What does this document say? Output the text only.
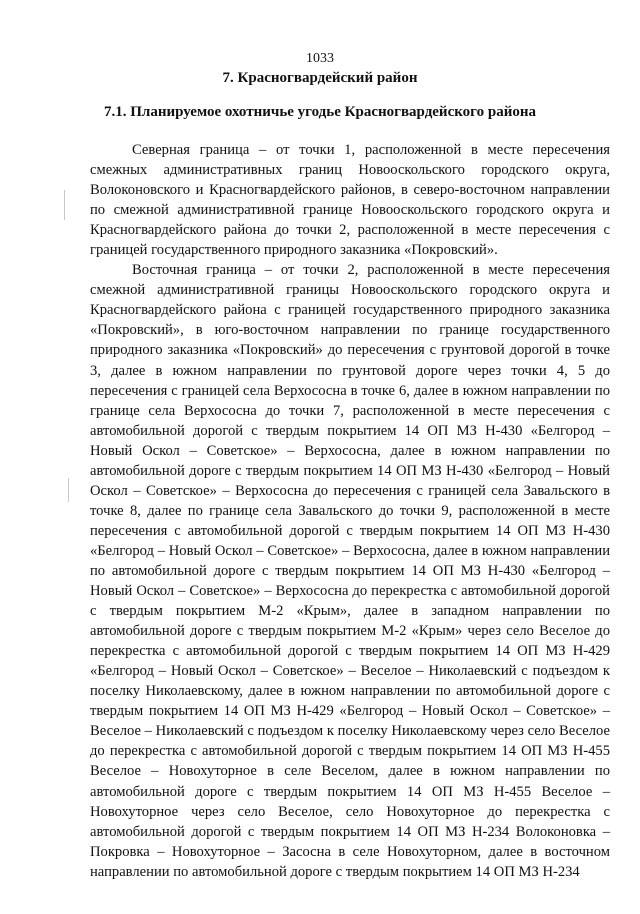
1033
7. Красногвардейский район
7.1. Планируемое охотничье угодье Красногвардейского района

Северная граница – от точки 1, расположенной в месте пересечения смежных административных границ Новооскольского городского округа, Волоконовского и Красногвардейского районов, в северо-восточном направлении по смежной административной границе Новооскольского городского округа и Красногвардейского района до точки 2, расположенной в месте пересечения с границей государственного природного заказника «Покровский».

Восточная граница – от точки 2, расположенной в месте пересечения смежной административной границы Новооскольского городского округа и Красногвардейского района с границей государственного природного заказника «Покровский», в юго-восточном направлении по границе государственного природного заказника «Покровский» до пересечения с грунтовой дорогой в точке 3, далее в южном направлении по грунтовой дороге через точки 4, 5 до пересечения с границей села Верхососна в точке 6, далее в южном направлении по границе села Верхососна до точки 7, расположенной в месте пересечения с автомобильной дорогой с твердым покрытием 14 ОП МЗ Н-430 «Белгород – Новый Оскол – Советское» – Верхососна, далее в южном направлении по автомобильной дороге с твердым покрытием 14 ОП МЗ Н-430 «Белгород – Новый Оскол – Советское» – Верхососна до пересечения с границей села Завальского в точке 8, далее по границе села Завальского до точки 9, расположенной в месте пересечения с автомобильной дорогой с твердым покрытием 14 ОП МЗ Н-430 «Белгород – Новый Оскол – Советское» – Верхососна, далее в южном направлении по автомобильной дороге с твердым покрытием 14 ОП МЗ Н-430 «Белгород – Новый Оскол – Советское» – Верхососна до перекрестка с автомобильной дорогой с твердым покрытием М-2 «Крым», далее в западном направлении по автомобильной дороге с твердым покрытием М-2 «Крым» через село Веселое до перекрестка с автомобильной дорогой с твердым покрытием 14 ОП МЗ Н-429 «Белгород – Новый Оскол – Советское» – Веселое – Николаевский с подъездом к поселку Николаевскому, далее в южном направлении по автомобильной дороге с твердым покрытием 14 ОП МЗ Н-429 «Белгород – Новый Оскол – Советское» – Веселое – Николаевский с подъездом к поселку Николаевскому через село Веселое до перекрестка с автомобильной дорогой с твердым покрытием 14 ОП МЗ Н-455 Веселое – Новохуторное в селе Веселом, далее в южном направлении по автомобильной дороге с твердым покрытием 14 ОП МЗ Н-455 Веселое – Новохуторное через село Веселое, село Новохуторное до перекрестка с автомобильной дорогой с твердым покрытием 14 ОП МЗ Н-234 Волоконовка – Покровка – Новохуторное – Засосна в селе Новохуторном, далее в восточном направлении по автомобильной дороге с твердым покрытием 14 ОП МЗ Н-234
